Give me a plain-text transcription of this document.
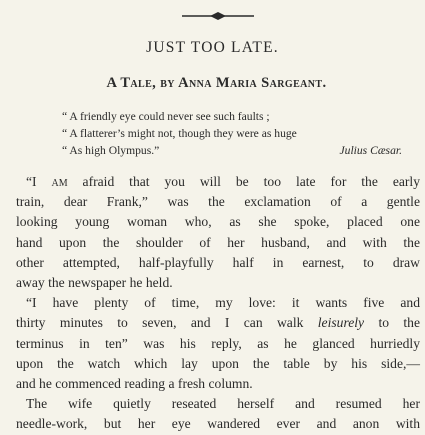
JUST TOO LATE.
A Tale, by Anna Maria Sargeant.
“ A friendly eye could never see such faults ;
“ A flatterer’s might not, though they were as huge
“ As high Olympus.”	Julius Cæsar.
“I am afraid that you will be too late for the early
train, dear Frank,” was the exclamation of a gentle
looking young woman who, as she spoke, placed one
hand upon the shoulder of her husband, and with the
other attempted, half-playfully half in earnest, to draw
away the newspaper he held.
“I have plenty of time, my love: it wants five and
thirty minutes to seven, and I can walk leisurely to the
terminus in ten” was his reply, as he glanced hurriedly
upon the watch which lay upon the table by his side,—
and he commenced reading a fresh column.
The wife quietly reseated herself and resumed her
needle-work, but her eye wandered ever and anon with
